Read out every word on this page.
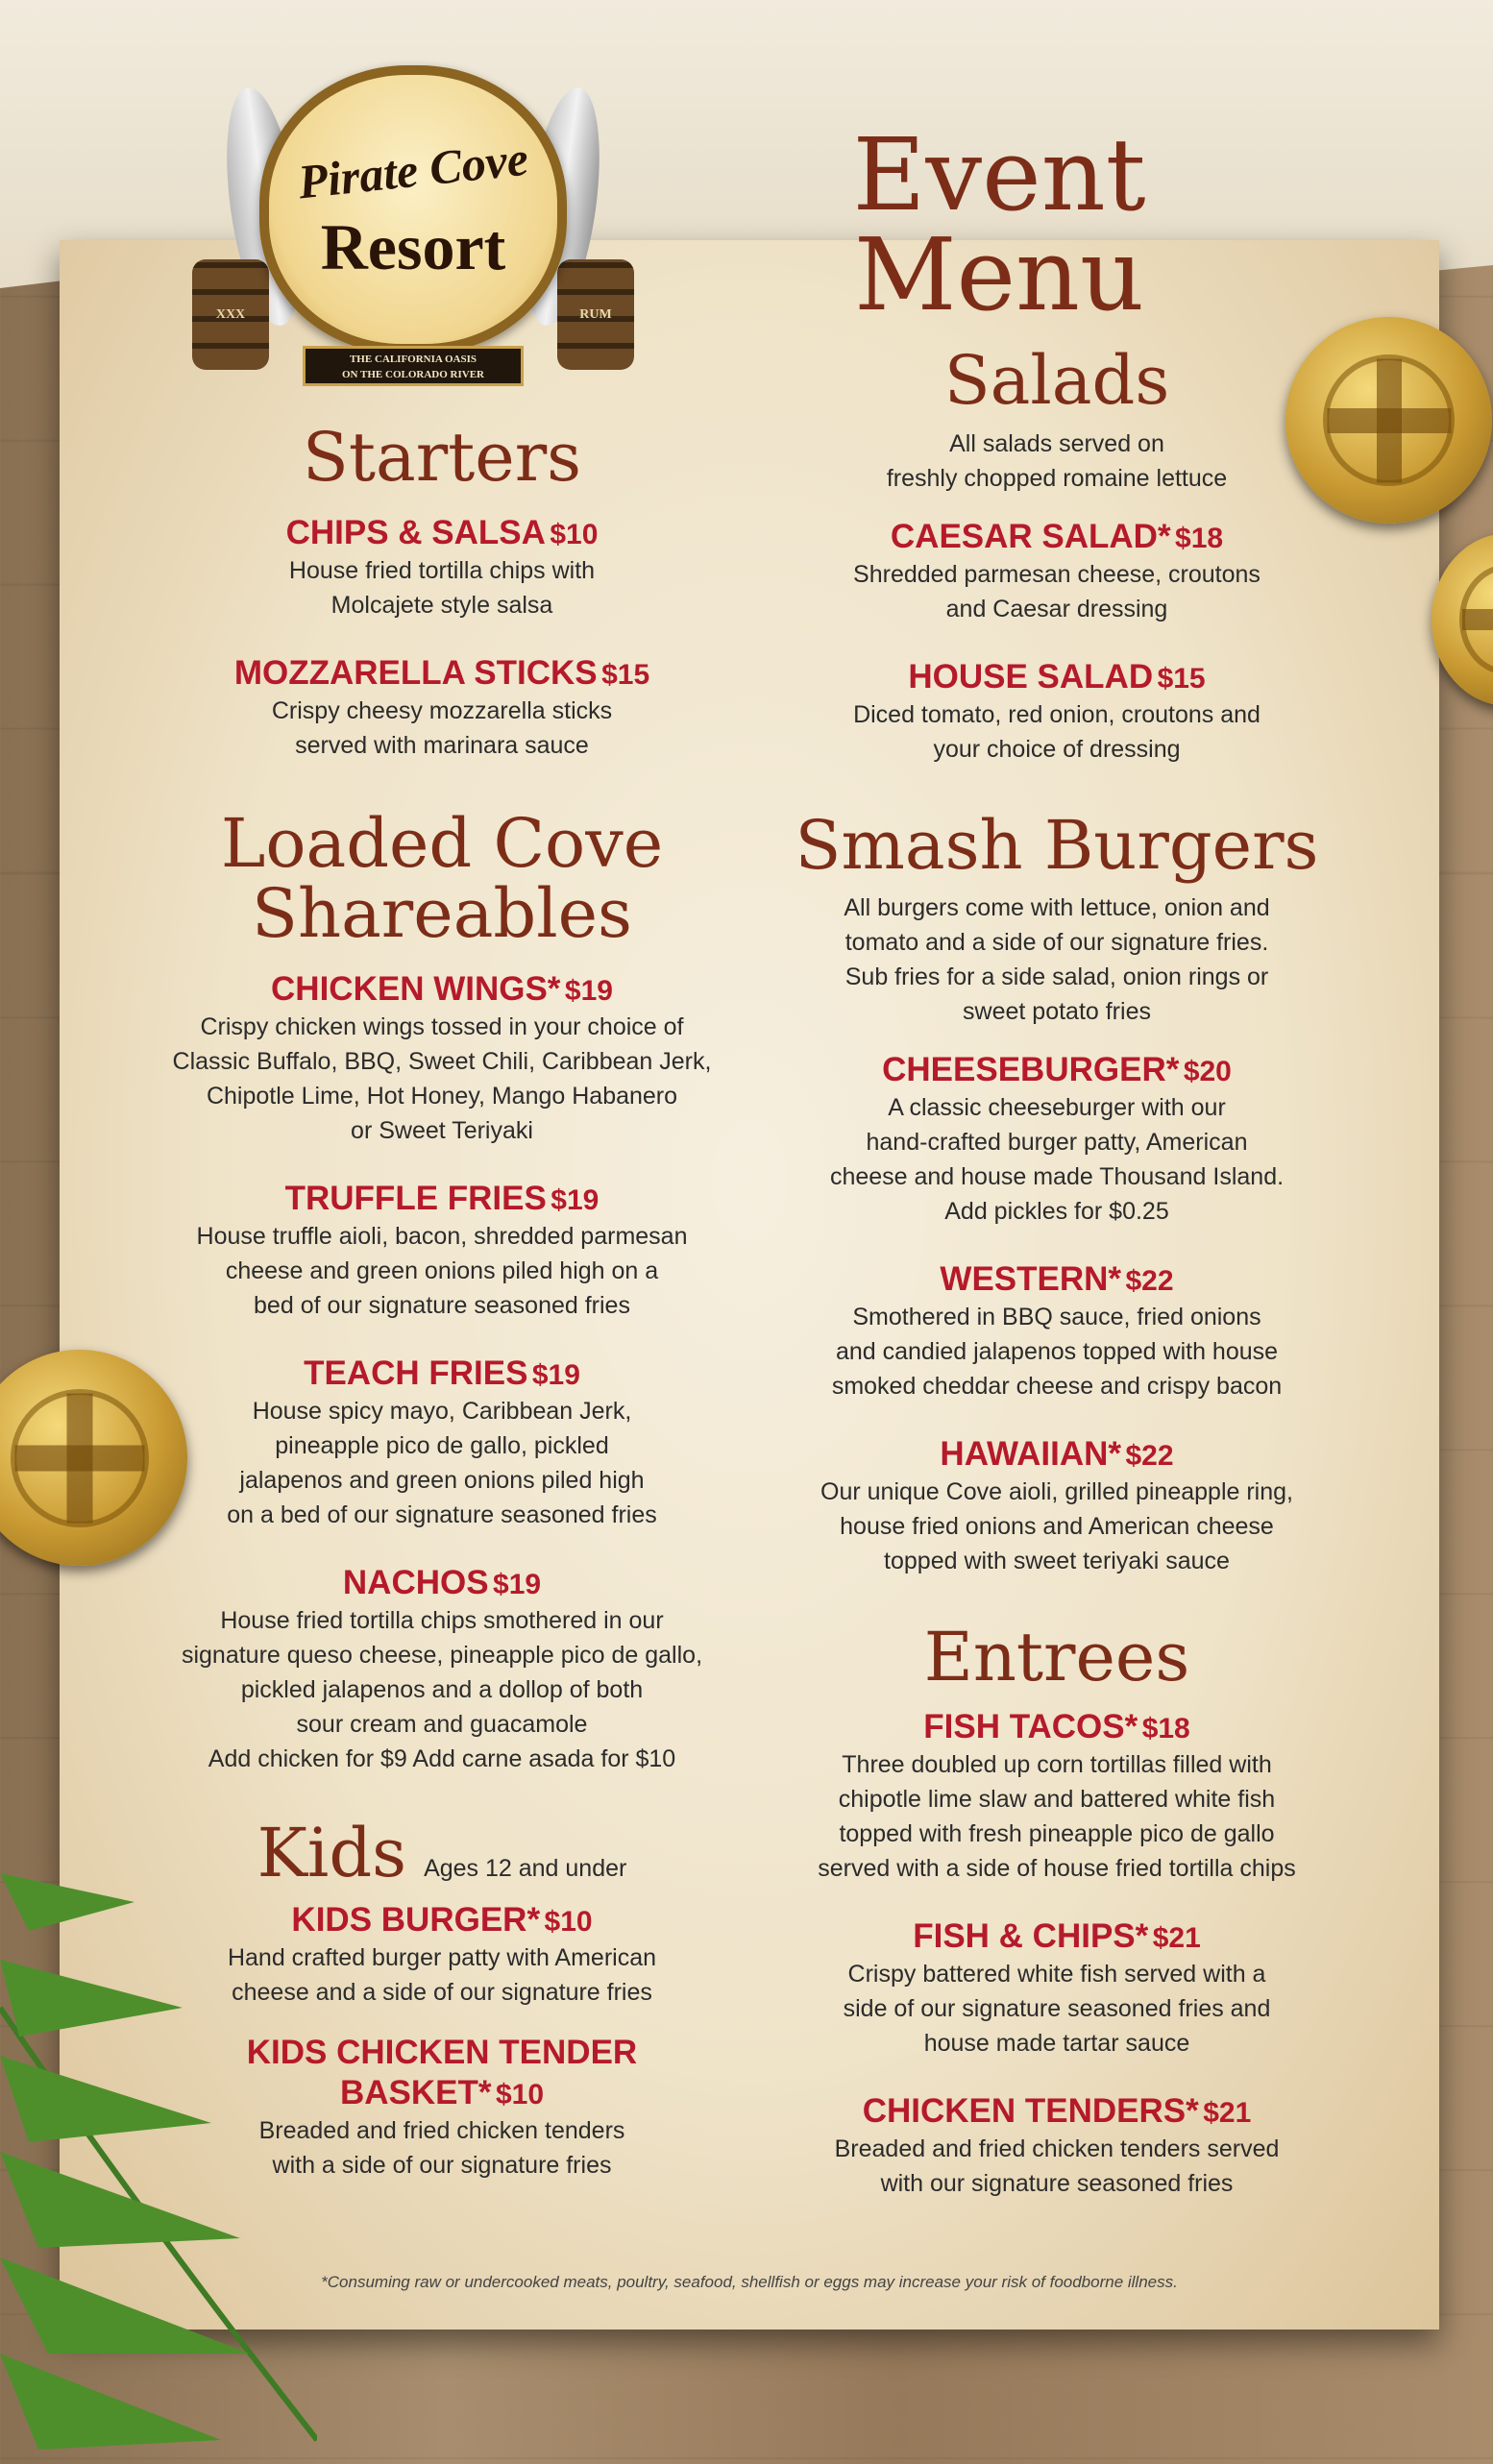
XXX	RUM
Pirate Cove
Resort
THE CALIFORNIA OASIS
ON THE COLORADO RIVER
Event Menu
Starters
CHIPS & SALSA $10
House fried tortilla chips with
Molcajete style salsa
MOZZARELLA STICKS $15
Crispy cheesy mozzarella sticks
served with marinara sauce
Loaded Cove
Shareables
CHICKEN WINGS* $19
Crispy chicken wings tossed in your choice of
Classic Buffalo, BBQ, Sweet Chili, Caribbean Jerk,
Chipotle Lime, Hot Honey, Mango Habanero
or Sweet Teriyaki
TRUFFLE FRIES $19
House truffle aioli, bacon, shredded parmesan
cheese and green onions piled high on a
bed of our signature seasoned fries
TEACH FRIES $19
House spicy mayo, Caribbean Jerk,
pineapple pico de gallo, pickled
jalapenos and green onions piled high
on a bed of our signature seasoned fries
NACHOS $19
House fried tortilla chips smothered in our
signature queso cheese, pineapple pico de gallo,
pickled jalapenos and a dollop of both
sour cream and guacamole
Add chicken for $9 Add carne asada for $10
Kids Ages 12 and under
KIDS BURGER* $10
Hand crafted burger patty with American
cheese and a side of our signature fries
KIDS CHICKEN TENDER
BASKET* $10
Breaded and fried chicken tenders
with a side of our signature fries
Salads
All salads served on
freshly chopped romaine lettuce
CAESAR SALAD* $18
Shredded parmesan cheese, croutons
and Caesar dressing
HOUSE SALAD $15
Diced tomato, red onion, croutons and
your choice of dressing
Smash Burgers
All burgers come with lettuce, onion and
tomato and a side of our signature fries.
Sub fries for a side salad, onion rings or
sweet potato fries
CHEESEBURGER* $20
A classic cheeseburger with our
hand-crafted burger patty, American
cheese and house made Thousand Island.
Add pickles for $0.25
WESTERN* $22
Smothered in BBQ sauce, fried onions
and candied jalapenos topped with house
smoked cheddar cheese and crispy bacon
HAWAIIAN* $22
Our unique Cove aioli, grilled pineapple ring,
house fried onions and American cheese
topped with sweet teriyaki sauce
Entrees
FISH TACOS* $18
Three doubled up corn tortillas filled with
chipotle lime slaw and battered white fish
topped with fresh pineapple pico de gallo
served with a side of house fried tortilla chips
FISH & CHIPS* $21
Crispy battered white fish served with a
side of our signature seasoned fries and
house made tartar sauce
CHICKEN TENDERS* $21
Breaded and fried chicken tenders served
with our signature seasoned fries
*Consuming raw or undercooked meats, poultry, seafood, shellfish or eggs may increase your risk of foodborne illness.
